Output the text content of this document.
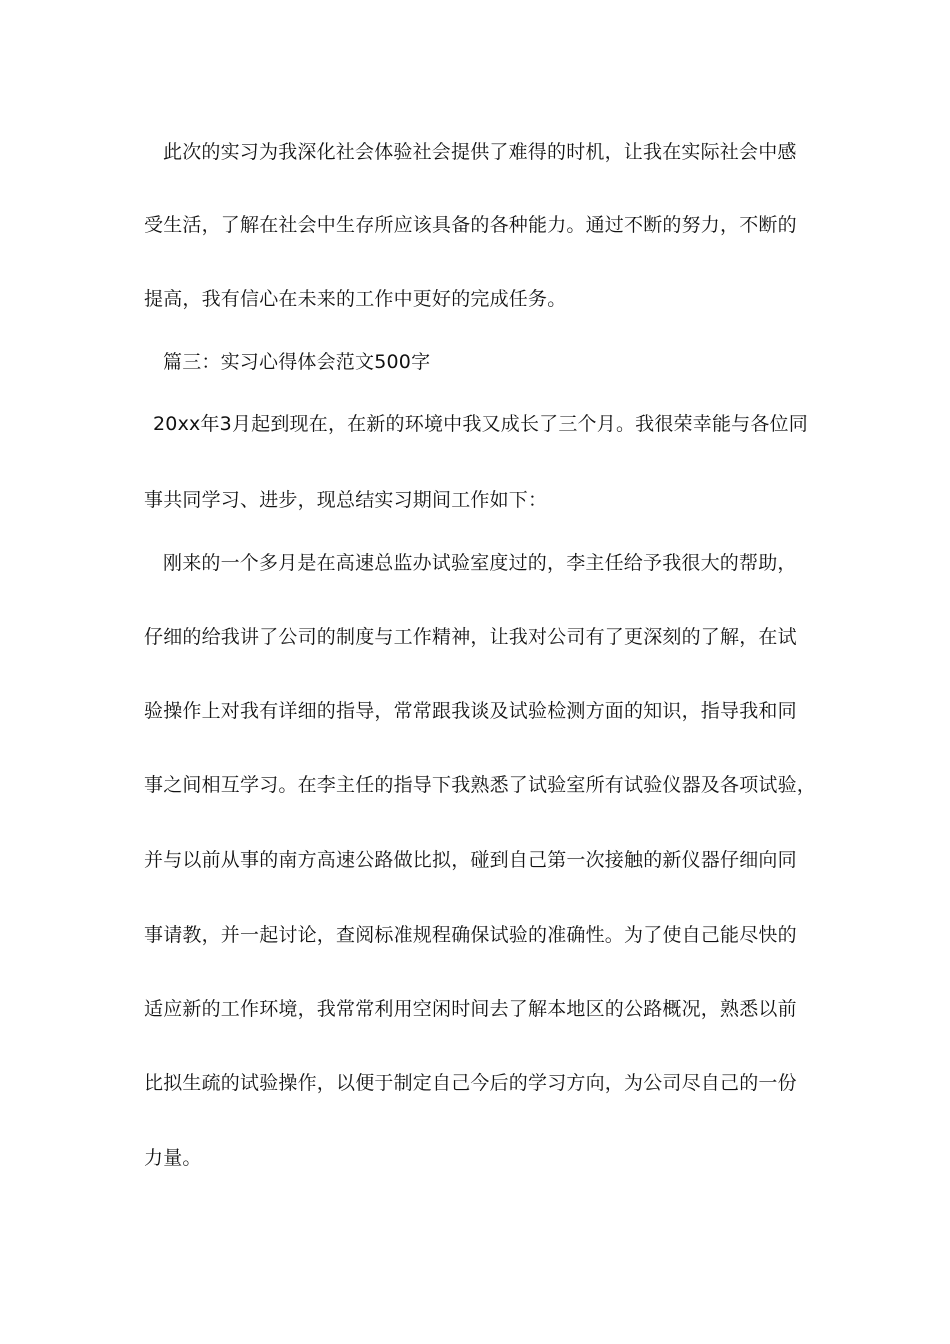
此次的实习为我深化社会体验社会提供了难得的时机，让我在实际社会中感
受生活，了解在社会中生存所应该具备的各种能力。通过不断的努力，不断的
提高，我有信心在未来的工作中更好的完成任务。
篇三：实习心得体会范文500字
20xx年3月起到现在，在新的环境中我又成长了三个月。我很荣幸能与各位同
事共同学习、进步，现总结实习期间工作如下：
刚来的一个多月是在高速总监办试验室度过的，李主任给予我很大的帮助，
仔细的给我讲了公司的制度与工作精神，让我对公司有了更深刻的了解，在试
验操作上对我有详细的指导，常常跟我谈及试验检测方面的知识，指导我和同
事之间相互学习。在李主任的指导下我熟悉了试验室所有试验仪器及各项试验，
并与以前从事的南方高速公路做比拟，碰到自己第一次接触的新仪器仔细向同
事请教，并一起讨论，查阅标准规程确保试验的准确性。为了使自己能尽快的
适应新的工作环境，我常常利用空闲时间去了解本地区的公路概况，熟悉以前
比拟生疏的试验操作，以便于制定自己今后的学习方向，为公司尽自己的一份
力量。
